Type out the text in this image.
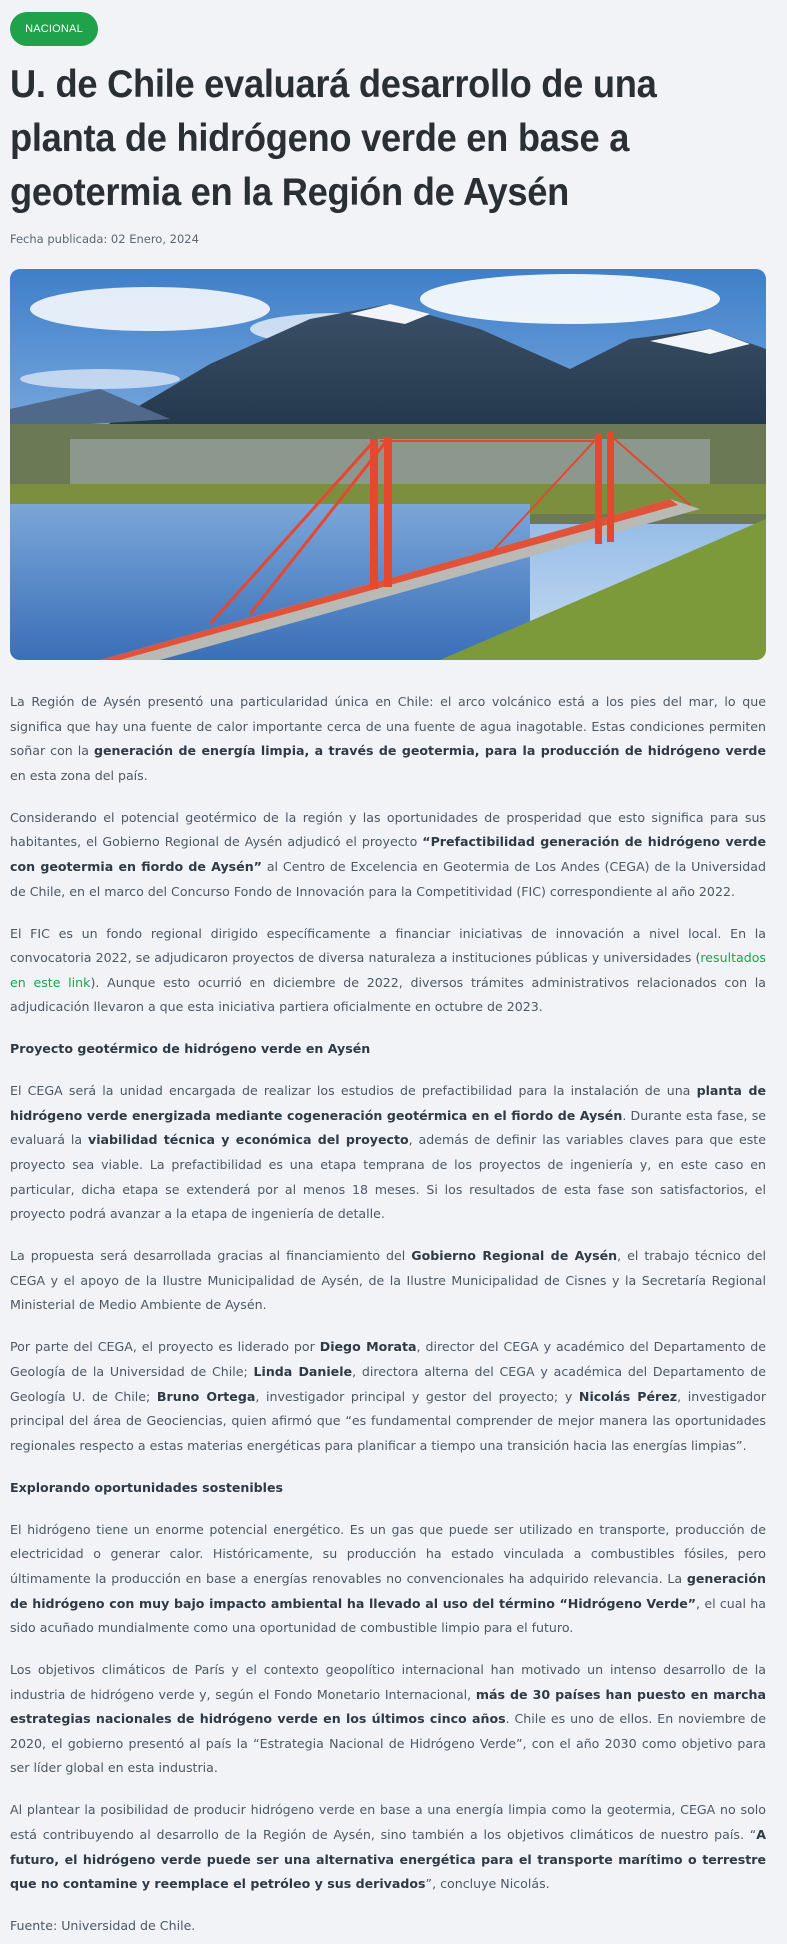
NACIONAL
U. de Chile evaluará desarrollo de una planta de hidrógeno verde en base a geotermia en la Región de Aysén
Fecha publicada: 02 Enero, 2024

La Región de Aysén presentó una particularidad única en Chile: el arco volcánico está a los pies del mar, lo que significa que hay una fuente de calor importante cerca de una fuente de agua inagotable. Estas condiciones permiten soñar con la generación de energía limpia, a través de geotermia, para la producción de hidrógeno verde en esta zona del país.

Considerando el potencial geotérmico de la región y las oportunidades de prosperidad que esto significa para sus habitantes, el Gobierno Regional de Aysén adjudicó el proyecto “Prefactibilidad generación de hidrógeno verde con geotermia en fiordo de Aysén” al Centro de Excelencia en Geotermia de Los Andes (CEGA) de la Universidad de Chile, en el marco del Concurso Fondo de Innovación para la Competitividad (FIC) correspondiente al año 2022.

El FIC es un fondo regional dirigido específicamente a financiar iniciativas de innovación a nivel local. En la convocatoria 2022, se adjudicaron proyectos de diversa naturaleza a instituciones públicas y universidades (resultados en este link). Aunque esto ocurrió en diciembre de 2022, diversos trámites administrativos relacionados con la adjudicación llevaron a que esta iniciativa partiera oficialmente en octubre de 2023.

Proyecto geotérmico de hidrógeno verde en Aysén

El CEGA será la unidad encargada de realizar los estudios de prefactibilidad para la instalación de una planta de hidrógeno verde energizada mediante cogeneración geotérmica en el fiordo de Aysén. Durante esta fase, se evaluará la viabilidad técnica y económica del proyecto, además de definir las variables claves para que este proyecto sea viable. La prefactibilidad es una etapa temprana de los proyectos de ingeniería y, en este caso en particular, dicha etapa se extenderá por al menos 18 meses. Si los resultados de esta fase son satisfactorios, el proyecto podrá avanzar a la etapa de ingeniería de detalle.

La propuesta será desarrollada gracias al financiamiento del Gobierno Regional de Aysén, el trabajo técnico del CEGA y el apoyo de la Ilustre Municipalidad de Aysén, de la Ilustre Municipalidad de Cisnes y la Secretaría Regional Ministerial de Medio Ambiente de Aysén.

Por parte del CEGA, el proyecto es liderado por Diego Morata, director del CEGA y académico del Departamento de Geología de la Universidad de Chile; Linda Daniele, directora alterna del CEGA y académica del Departamento de Geología U. de Chile; Bruno Ortega, investigador principal y gestor del proyecto; y Nicolás Pérez, investigador principal del área de Geociencias, quien afirmó que “es fundamental comprender de mejor manera las oportunidades regionales respecto a estas materias energéticas para planificar a tiempo una transición hacia las energías limpias”.

Explorando oportunidades sostenibles

El hidrógeno tiene un enorme potencial energético. Es un gas que puede ser utilizado en transporte, producción de electricidad o generar calor. Históricamente, su producción ha estado vinculada a combustibles fósiles, pero últimamente la producción en base a energías renovables no convencionales ha adquirido relevancia. La generación de hidrógeno con muy bajo impacto ambiental ha llevado al uso del término “Hidrógeno Verde”, el cual ha sido acuñado mundialmente como una oportunidad de combustible limpio para el futuro.

Los objetivos climáticos de París y el contexto geopolítico internacional han motivado un intenso desarrollo de la industria de hidrógeno verde y, según el Fondo Monetario Internacional, más de 30 países han puesto en marcha estrategias nacionales de hidrógeno verde en los últimos cinco años. Chile es uno de ellos. En noviembre de 2020, el gobierno presentó al país la “Estrategia Nacional de Hidrógeno Verde”, con el año 2030 como objetivo para ser líder global en esta industria.

Al plantear la posibilidad de producir hidrógeno verde en base a una energía limpia como la geotermia, CEGA no solo está contribuyendo al desarrollo de la Región de Aysén, sino también a los objetivos climáticos de nuestro país. “A futuro, el hidrógeno verde puede ser una alternativa energética para el transporte marítimo o terrestre que no contamine y reemplace el petróleo y sus derivados”, concluye Nicolás.

Fuente: Universidad de Chile.
